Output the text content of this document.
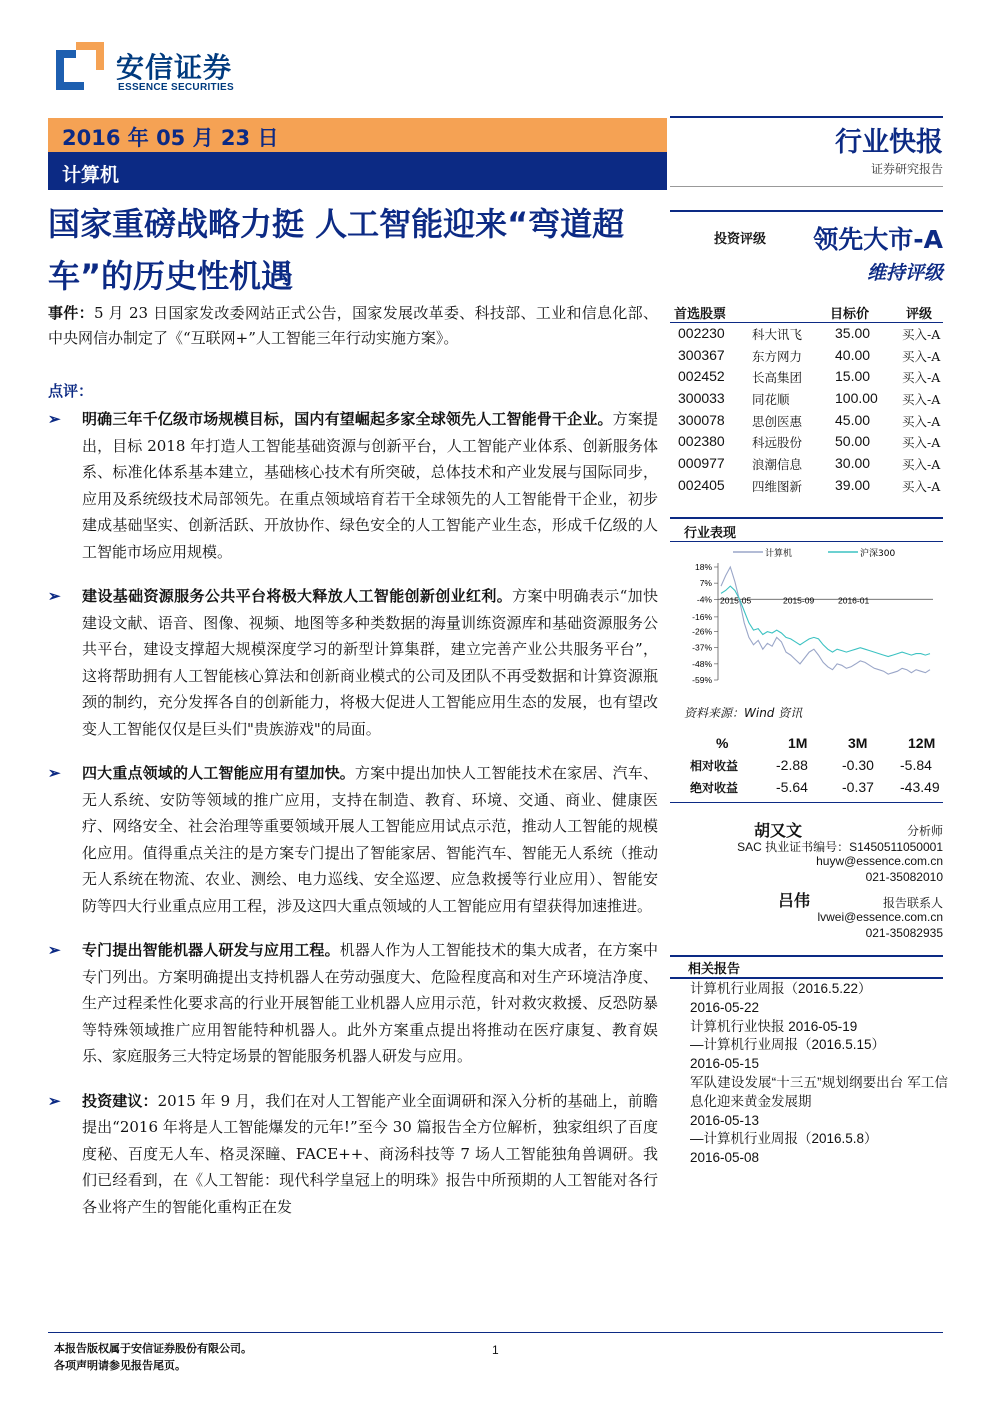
安信证券
ESSENCE SECURITIES
2016 年 05 月 23 日
计算机
行业快报
证券研究报告
国家重磅战略力挺 人工智能迎来“弯道超车”的历史性机遇
投资评级 领先大市-A
维持评级

事件：5 月 23 日国家发改委网站正式公告，国家发展改革委、科技部、工业和信息化部、中央网信办制定了《“互联网+”人工智能三年行动实施方案》。

点评：

➢ 明确三年千亿级市场规模目标，国内有望崛起多家全球领先人工智能骨干企业。方案提出，目标 2018 年打造人工智能基础资源与创新平台，人工智能产业体系、创新服务体系、标准化体系基本建立，基础核心技术有所突破，总体技术和产业发展与国际同步，应用及系统级技术局部领先。在重点领域培育若干全球领先的人工智能骨干企业，初步建成基础坚实、创新活跃、开放协作、绿色安全的人工智能产业生态，形成千亿级的人工智能市场应用规模。

➢ 建设基础资源服务公共平台将极大释放人工智能创新创业红利。方案中明确表示“加快建设文献、语音、图像、视频、地图等多种类数据的海量训练资源库和基础资源服务公共平台，建设支撑超大规模深度学习的新型计算集群，建立完善产业公共服务平台”，这将帮助拥有人工智能核心算法和创新商业模式的公司及团队不再受数据和计算资源瓶颈的制约，充分发挥各自的创新能力，将极大促进人工智能应用生态的发展，也有望改变人工智能仅仅是巨头们"贵族游戏"的局面。

➢ 四大重点领域的人工智能应用有望加快。方案中提出加快人工智能技术在家居、汽车、无人系统、安防等领域的推广应用，支持在制造、教育、环境、交通、商业、健康医疗、网络安全、社会治理等重要领域开展人工智能应用试点示范，推动人工智能的规模化应用。值得重点关注的是方案专门提出了智能家居、智能汽车、智能无人系统（推动无人系统在物流、农业、测绘、电力巡线、安全巡逻、应急救援等行业应用）、智能安防等四大行业重点应用工程，涉及这四大重点领域的人工智能应用有望获得加速推进。

➢ 专门提出智能机器人研发与应用工程。机器人作为人工智能技术的集大成者，在方案中专门列出。方案明确提出支持机器人在劳动强度大、危险程度高和对生产环境洁净度、生产过程柔性化要求高的行业开展智能工业机器人应用示范，针对救灾救援、反恐防暴等特殊领域推广应用智能特种机器人。此外方案重点提出将推动在医疗康复、教育娱乐、家庭服务三大特定场景的智能服务机器人研发与应用。

➢ 投资建议：2015 年 9 月，我们在对人工智能产业全面调研和深入分析的基础上，前瞻提出“2016 年将是人工智能爆发的元年!”至今 30 篇报告全方位解析，独家组织了百度度秘、百度无人车、格灵深瞳、FACE++、商汤科技等 7 场人工智能独角兽调研。我们已经看到，在《人工智能：现代科学皇冠上的明珠》报告中所预期的人工智能对各行各业将产生的智能化重构正在发

首选股票	目标价	评级
002230 科大讯飞 35.00	买入-A
300367 东方网力 40.00	买入-A
002452 长高集团 15.00	买入-A
300033 同花顺	100.00 买入-A
300078 思创医惠 45.00	买入-A
002380 科远股份 50.00	买入-A
000977 浪潮信息 30.00	买入-A
002405 四维图新 39.00	买入-A
行业表现
计算机	沪深300
18%
7%
-4%
-16%
-26%
-37%
-48%
-59%
2015-05	2015-09	2016-01
资料来源：Wind 资讯
%	1M	3M	12M
相对收益	-2.88 -0.30 -5.84
绝对收益	-5.64 -0.37 -43.49
胡又文	分析师
SAC 执业证书编号：S1450511050001
huyw@essence.com.cn
021-35082010
吕伟	报告联系人
lvwei@essence.com.cn
021-35082935
相关报告
计算机行业周报（2016.5.22）
2016-05-22
计算机行业快报 2016-05-19
—计算机行业周报（2016.5.15）
2016-05-15
军队建设发展“十三五”规划纲要出台 军工信息化迎来黄金发展期
2016-05-13
—计算机行业周报（2016.5.8）
2016-05-08
本报告版权属于安信证券股份有限公司。
各项声明请参见报告尾页。
1
